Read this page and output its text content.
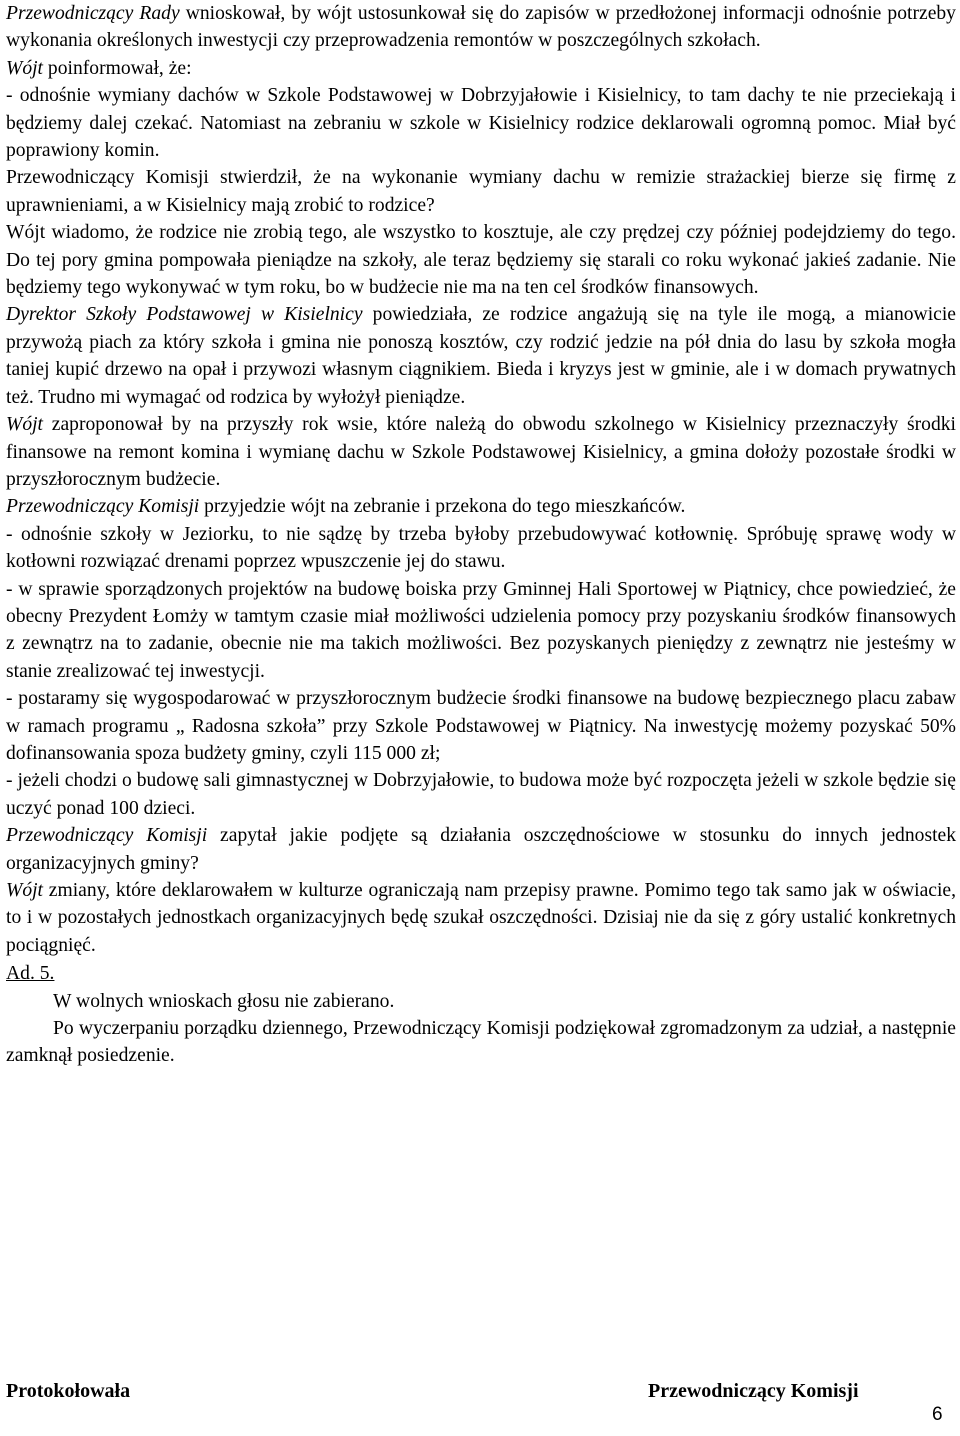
Przewodniczący Rady wnioskował, by wójt ustosunkował się do zapisów w przedłożonej informacji odnośnie potrzeby wykonania określonych inwestycji czy przeprowadzenia remontów w poszczególnych szkołach.

Wójt poinformował, że:

- odnośnie wymiany dachów w Szkole Podstawowej w Dobrzyjałowie i Kisielnicy, to tam dachy te nie przeciekają i będziemy dalej czekać. Natomiast na zebraniu w szkole w Kisielnicy rodzice deklarowali ogromną pomoc. Miał być poprawiony komin.

Przewodniczący Komisji stwierdził, że na wykonanie wymiany dachu w remizie strażackiej bierze się firmę z uprawnieniami, a w Kisielnicy mają zrobić to rodzice?

Wójt wiadomo, że rodzice nie zrobią tego, ale wszystko to kosztuje, ale czy prędzej czy później podejdziemy do tego. Do tej pory gmina pompowała pieniądze na szkoły, ale teraz będziemy się starali co roku wykonać jakieś zadanie. Nie będziemy tego wykonywać w tym roku, bo w budżecie nie ma na ten cel środków finansowych.

Dyrektor Szkoły Podstawowej w Kisielnicy powiedziała, ze rodzice angażują się na tyle ile mogą, a mianowicie przywożą piach za który szkoła i gmina nie ponoszą kosztów, czy rodzić jedzie na pół dnia do lasu by szkoła mogła taniej kupić drzewo na opał i przywozi własnym ciągnikiem. Bieda i kryzys jest w gminie, ale i w domach prywatnych też. Trudno mi wymagać od rodzica by wyłożył pieniądze.

Wójt zaproponował by na przyszły rok wsie, które należą do obwodu szkolnego w Kisielnicy przeznaczyły środki finansowe na remont komina i wymianę dachu w Szkole Podstawowej Kisielnicy, a gmina dołoży pozostałe środki w przyszłorocznym budżecie.

Przewodniczący Komisji przyjedzie wójt na zebranie i przekona do tego mieszkańców.

- odnośnie szkoły w Jeziorku, to nie sądzę by trzeba byłoby przebudowywać kotłownię. Spróbuję sprawę wody w kotłowni rozwiązać drenami poprzez wpuszczenie jej do stawu.

- w sprawie sporządzonych projektów na budowę boiska przy Gminnej Hali Sportowej w Piątnicy, chce powiedzieć, że obecny Prezydent Łomży w tamtym czasie miał możliwości udzielenia pomocy przy pozyskaniu środków finansowych z zewnątrz na to zadanie, obecnie nie ma takich możliwości. Bez pozyskanych pieniędzy z zewnątrz nie jesteśmy w stanie zrealizować tej inwestycji.

- postaramy się wygospodarować w przyszłorocznym budżecie środki finansowe na budowę bezpiecznego placu zabaw w ramach programu „ Radosna szkoła” przy Szkole Podstawowej w Piątnicy. Na inwestycję możemy pozyskać 50% dofinansowania spoza budżety gminy, czyli 115 000 zł;

- jeżeli chodzi o budowę sali gimnastycznej w Dobrzyjałowie, to budowa może być rozpoczęta jeżeli w szkole będzie się uczyć ponad 100 dzieci.

Przewodniczący Komisji zapytał jakie podjęte są działania oszczędnościowe w stosunku do innych jednostek organizacyjnych gminy?

Wójt zmiany, które deklarowałem w kulturze ograniczają nam przepisy prawne. Pomimo tego tak samo jak w oświacie, to i w pozostałych jednostkach organizacyjnych będę szukał oszczędności. Dzisiaj nie da się z góry ustalić konkretnych pociągnięć.

Ad. 5.

W wolnych wnioskach głosu nie zabierano.

Po wyczerpaniu porządku dziennego, Przewodniczący Komisji podziękował zgromadzonym za udział, a następnie zamknął posiedzenie.

Protokołowała	Przewodniczący Komisji
6
